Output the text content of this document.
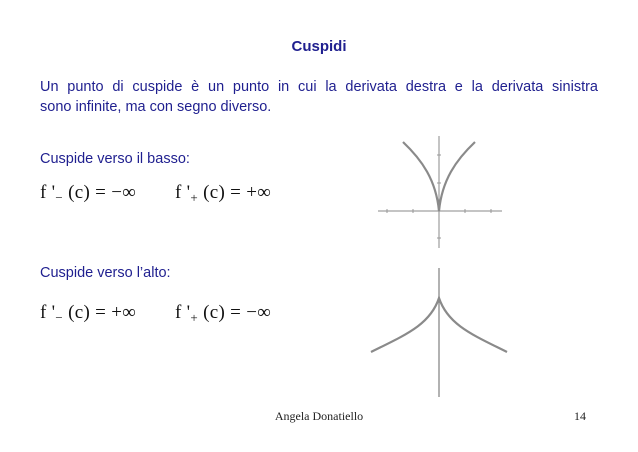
Cuspidi
Un punto di cuspide è un punto in cui la derivata destra e la derivata sinistra
sono infinite, ma con segno diverso.
Cuspide verso il basso:
f '$_-$ (c) = −∞ f '$_+$ (c) = +∞
Cuspide verso l’alto:
f '$_-$ (c) = +∞ f '$_+$ (c) = −∞
Angela Donatiello	14
